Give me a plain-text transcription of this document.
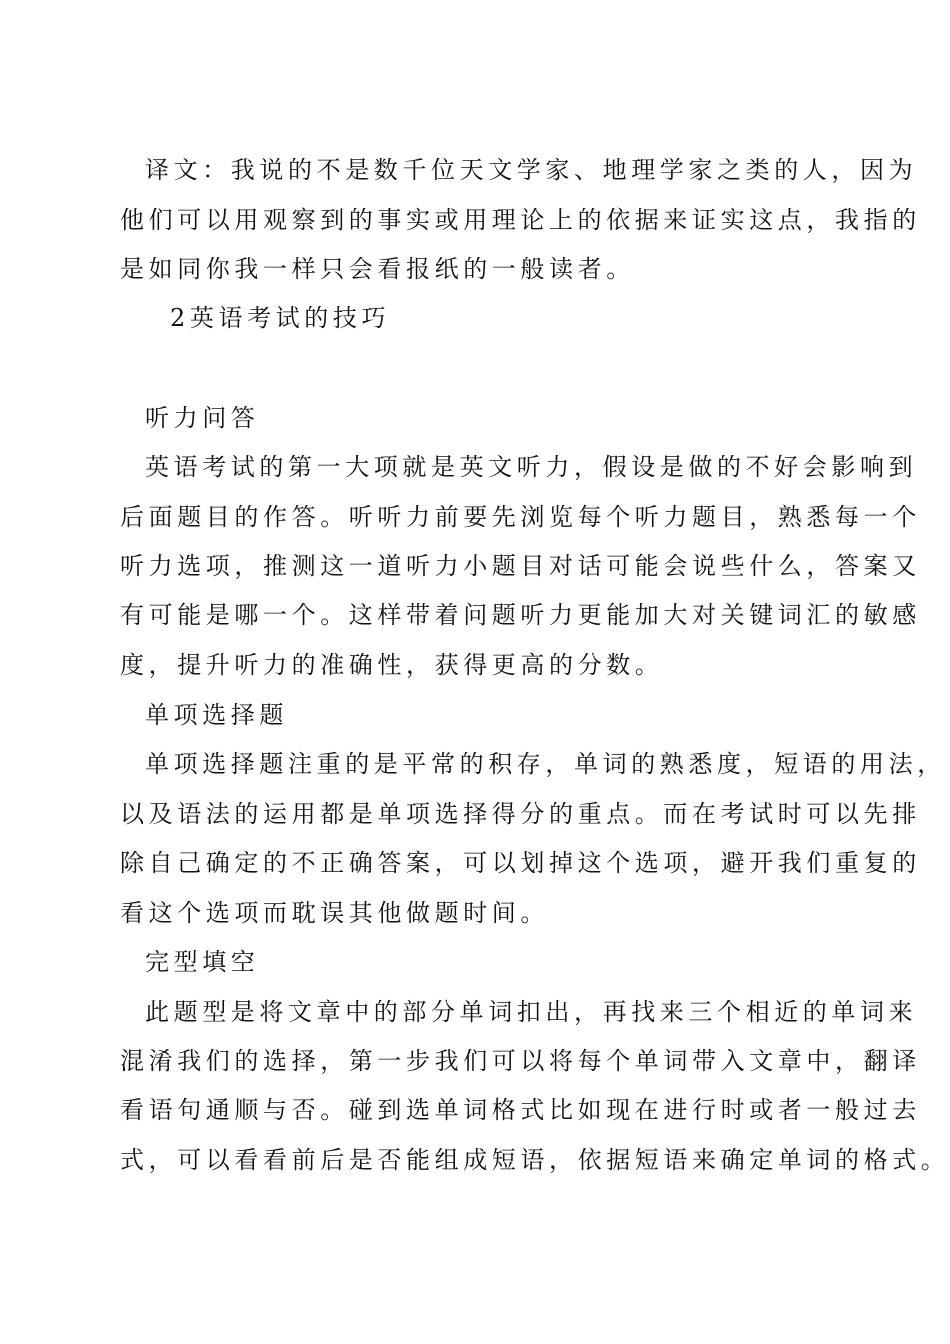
译文：我说的不是数千位天文学家、地理学家之类的人，因为
他们可以用观察到的事实或用理论上的依据来证实这点，我指的
是如同你我一样只会看报纸的一般读者。
2英语考试的技巧
听力问答
英语考试的第一大项就是英文听力，假设是做的不好会影响到
后面题目的作答。听听力前要先浏览每个听力题目，熟悉每一个
听力选项，推测这一道听力小题目对话可能会说些什么，答案又
有可能是哪一个。这样带着问题听力更能加大对关键词汇的敏感
度，提升听力的准确性，获得更高的分数。
单项选择题
单项选择题注重的是平常的积存，单词的熟悉度，短语的用法，
以及语法的运用都是单项选择得分的重点。而在考试时可以先排
除自己确定的不正确答案，可以划掉这个选项，避开我们重复的
看这个选项而耽误其他做题时间。
完型填空
此题型是将文章中的部分单词扣出，再找来三个相近的单词来
混淆我们的选择，第一步我们可以将每个单词带入文章中，翻译
看语句通顺与否。碰到选单词格式比如现在进行时或者一般过去
式，可以看看前后是否能组成短语，依据短语来确定单词的格式。
